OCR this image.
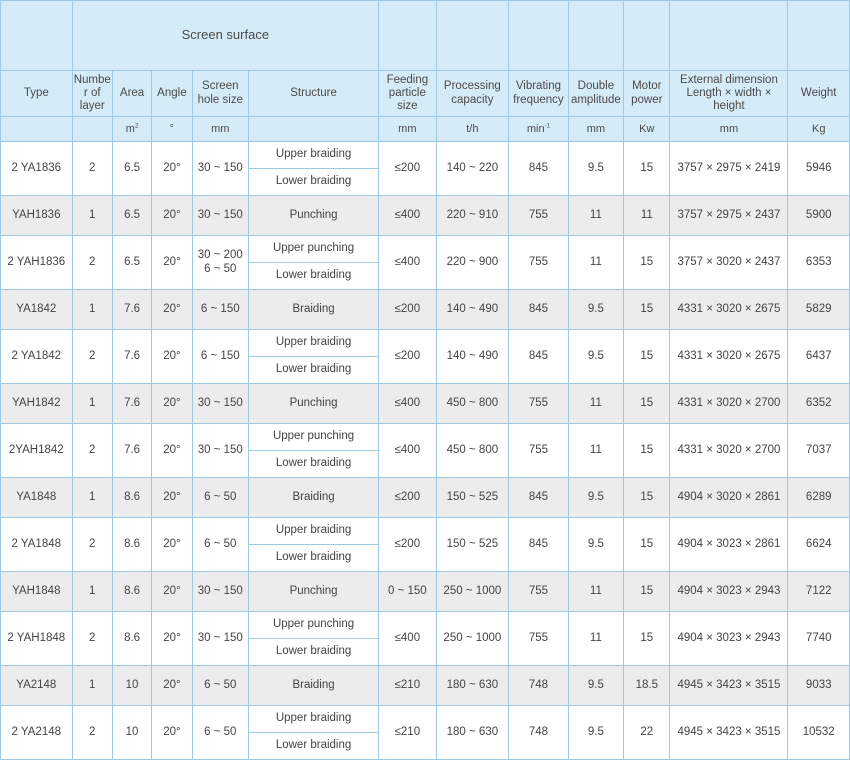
	Screen surface											
Type	Numbe r of layer	Area	Angle	Screen hole size	Structure	Feeding particle size	Processing capacity	Vibrating frequency	Double amplitude	Motor power	External dimension Length × width × height	Weight
		$m^2$	°	mm		mm	t/h	$\min^{-1}$	mm	Kw	mm	Kg
2 YA1836	2	6.5	20°	30 ~ 150	Upper braiding	≤200	140 ~ 220	845	9.5	15	3757 × 2975 × 2419	5946
					Lower braiding							
YAH1836	1	6.5	20°	30 ~ 150	Punching	≤400	220 ~ 910	755	11	11	3757 × 2975 × 2437	5900
2 YAH1836	2	6.5	20°	30 ~ 200 6 ~ 50	Upper punching	≤400	220 ~ 900	755	11	15	3757 × 3020 × 2437	6353
					Lower braiding							
YA1842	1	7.6	20°	6 ~ 150	Braiding	≤200	140 ~ 490	845	9.5	15	4331 × 3020 × 2675	5829
2 YA1842	2	7.6	20°	6 ~ 150	Upper braiding	≤200	140 ~ 490	845	9.5	15	4331 × 3020 × 2675	6437
					Lower braiding							
YAH1842	1	7.6	20°	30 ~ 150	Punching	≤400	450 ~ 800	755	11	15	4331 × 3020 × 2700	6352
2YAH1842	2	7.6	20°	30 ~ 150	Upper punching	≤400	450 ~ 800	755	11	15	4331 × 3020 × 2700	7037
					Lower braiding							
YA1848	1	8.6	20°	6 ~ 50	Braiding	≤200	150 ~ 525	845	9.5	15	4904 × 3020 × 2861	6289
2 YA1848	2	8.6	20°	6 ~ 50	Upper braiding	≤200	150 ~ 525	845	9.5	15	4904 × 3023 × 2861	6624
					Lower braiding							
YAH1848	1	8.6	20°	30 ~ 150	Punching	0 ~ 150	250 ~ 1000	755	11	15	4904 × 3023 × 2943	7122
2 YAH1848	2	8.6	20°	30 ~ 150	Upper punching	≤400	250 ~ 1000	755	11	15	4904 × 3023 × 2943	7740
					Lower braiding							
YA2148	1	10	20°	6 ~ 50	Braiding	≤210	180 ~ 630	748	9.5	18.5	4945 × 3423 × 3515	9033
2 YA2148	2	10	20°	6 ~ 50	Upper braiding	≤210	180 ~ 630	748	9.5	22	4945 × 3423 × 3515	10532
					Lower braiding							
